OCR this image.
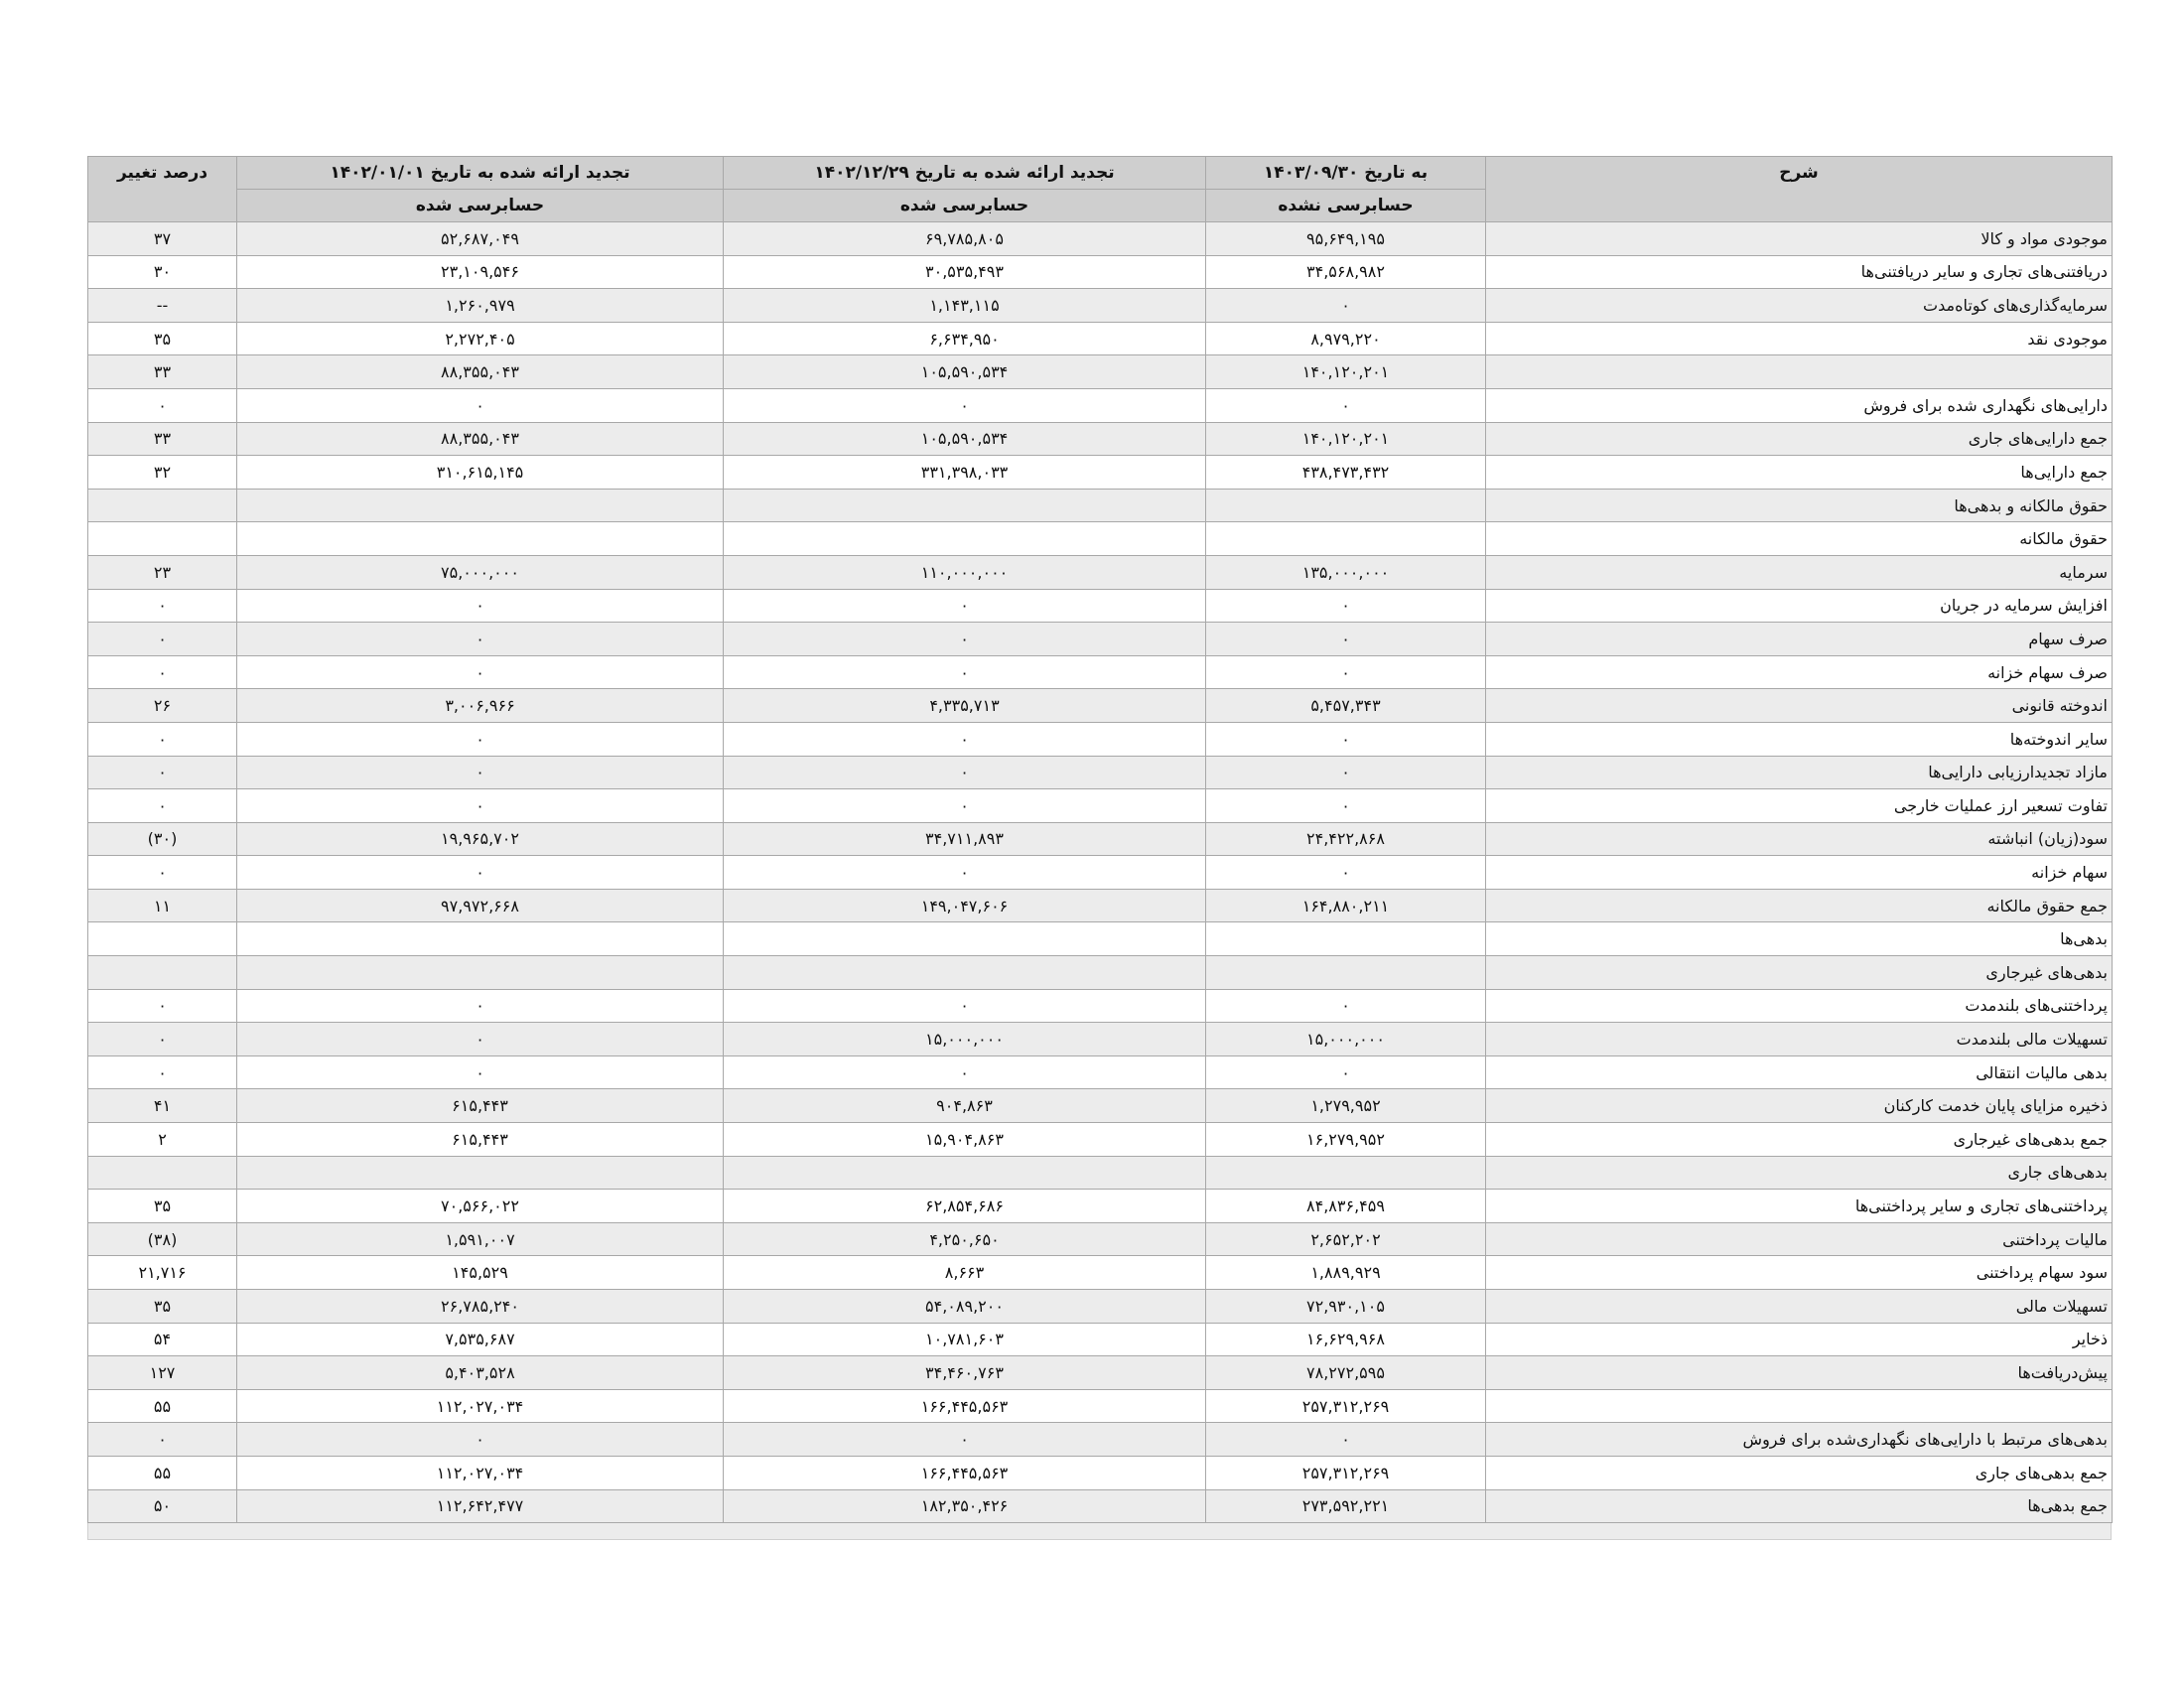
شرح	به تاریخ ۱۴۰۳/۰۹/۳۰	تجدید ارائه شده به تاریخ ۱۴۰۲/۱۲/۲۹	تجدید ارائه شده به تاریخ ۱۴۰۲/۰۱/۰۱	درصد تغییر
	حسابرسی نشده	حسابرسی شده	حسابرسی شده	
موجودی مواد و کالا	۹۵,۶۴۹,۱۹۵	۶۹,۷۸۵,۸۰۵	۵۲,۶۸۷,۰۴۹	۳۷
دریافتنی‌های تجاری و سایر دریافتنی‌ها	۳۴,۵۶۸,۹۸۲	۳۰,۵۳۵,۴۹۳	۲۳,۱۰۹,۵۴۶	۳۰
سرمایه‌گذاری‌های کوتاه‌مدت	۰	۱,۱۴۳,۱۱۵	۱,۲۶۰,۹۷۹	--
موجودی نقد	۸,۹۷۹,۲۲۰	۶,۶۳۴,۹۵۰	۲,۲۷۲,۴۰۵	۳۵
	۱۴۰,۱۲۰,۲۰۱	۱۰۵,۵۹۰,۵۳۴	۸۸,۳۵۵,۰۴۳	۳۳
دارایی‌های نگهداری شده برای فروش	۰	۰	۰	۰
جمع دارایی‌های جاری	۱۴۰,۱۲۰,۲۰۱	۱۰۵,۵۹۰,۵۳۴	۸۸,۳۵۵,۰۴۳	۳۳
جمع دارایی‌ها	۴۳۸,۴۷۳,۴۳۲	۳۳۱,۳۹۸,۰۳۳	۳۱۰,۶۱۵,۱۴۵	۳۲
حقوق مالکانه و بدهی‌ها				
حقوق مالکانه				
سرمایه	۱۳۵,۰۰۰,۰۰۰	۱۱۰,۰۰۰,۰۰۰	۷۵,۰۰۰,۰۰۰	۲۳
افزایش سرمایه در جریان	۰	۰	۰	۰
صرف سهام	۰	۰	۰	۰
صرف سهام خزانه	۰	۰	۰	۰
اندوخته قانونی	۵,۴۵۷,۳۴۳	۴,۳۳۵,۷۱۳	۳,۰۰۶,۹۶۶	۲۶
سایر اندوخته‌ها	۰	۰	۰	۰
مازاد تجدیدارزیابی دارایی‌ها	۰	۰	۰	۰
تفاوت تسعیر ارز عملیات خارجی	۰	۰	۰	۰
سود(زیان) انباشته	۲۴,۴۲۲,۸۶۸	۳۴,۷۱۱,۸۹۳	۱۹,۹۶۵,۷۰۲	(۳۰)
سهام خزانه	۰	۰	۰	۰
جمع حقوق مالکانه	۱۶۴,۸۸۰,۲۱۱	۱۴۹,۰۴۷,۶۰۶	۹۷,۹۷۲,۶۶۸	۱۱
بدهی‌ها				
بدهی‌های غیرجاری				
پرداختنی‌های بلندمدت	۰	۰	۰	۰
تسهیلات مالی بلندمدت	۱۵,۰۰۰,۰۰۰	۱۵,۰۰۰,۰۰۰	۰	۰
بدهی مالیات انتقالی	۰	۰	۰	۰
ذخیره مزایای پایان خدمت کارکنان	۱,۲۷۹,۹۵۲	۹۰۴,۸۶۳	۶۱۵,۴۴۳	۴۱
جمع بدهی‌های غیرجاری	۱۶,۲۷۹,۹۵۲	۱۵,۹۰۴,۸۶۳	۶۱۵,۴۴۳	۲
بدهی‌های جاری				
پرداختنی‌های تجاری و سایر پرداختنی‌ها	۸۴,۸۳۶,۴۵۹	۶۲,۸۵۴,۶۸۶	۷۰,۵۶۶,۰۲۲	۳۵
مالیات پرداختنی	۲,۶۵۲,۲۰۲	۴,۲۵۰,۶۵۰	۱,۵۹۱,۰۰۷	(۳۸)
سود سهام پرداختنی	۱,۸۸۹,۹۲۹	۸,۶۶۳	۱۴۵,۵۲۹	۲۱,۷۱۶
تسهیلات مالی	۷۲,۹۳۰,۱۰۵	۵۴,۰۸۹,۲۰۰	۲۶,۷۸۵,۲۴۰	۳۵
ذخایر	۱۶,۶۲۹,۹۶۸	۱۰,۷۸۱,۶۰۳	۷,۵۳۵,۶۸۷	۵۴
پیش‌دریافت‌ها	۷۸,۲۷۲,۵۹۵	۳۴,۴۶۰,۷۶۳	۵,۴۰۳,۵۲۸	۱۲۷
	۲۵۷,۳۱۲,۲۶۹	۱۶۶,۴۴۵,۵۶۳	۱۱۲,۰۲۷,۰۳۴	۵۵
بدهی‌های مرتبط با دارایی‌های نگهداری‌شده برای فروش	۰	۰	۰	۰
جمع بدهی‌های جاری	۲۵۷,۳۱۲,۲۶۹	۱۶۶,۴۴۵,۵۶۳	۱۱۲,۰۲۷,۰۳۴	۵۵
جمع بدهی‌ها	۲۷۳,۵۹۲,۲۲۱	۱۸۲,۳۵۰,۴۲۶	۱۱۲,۶۴۲,۴۷۷	۵۰
